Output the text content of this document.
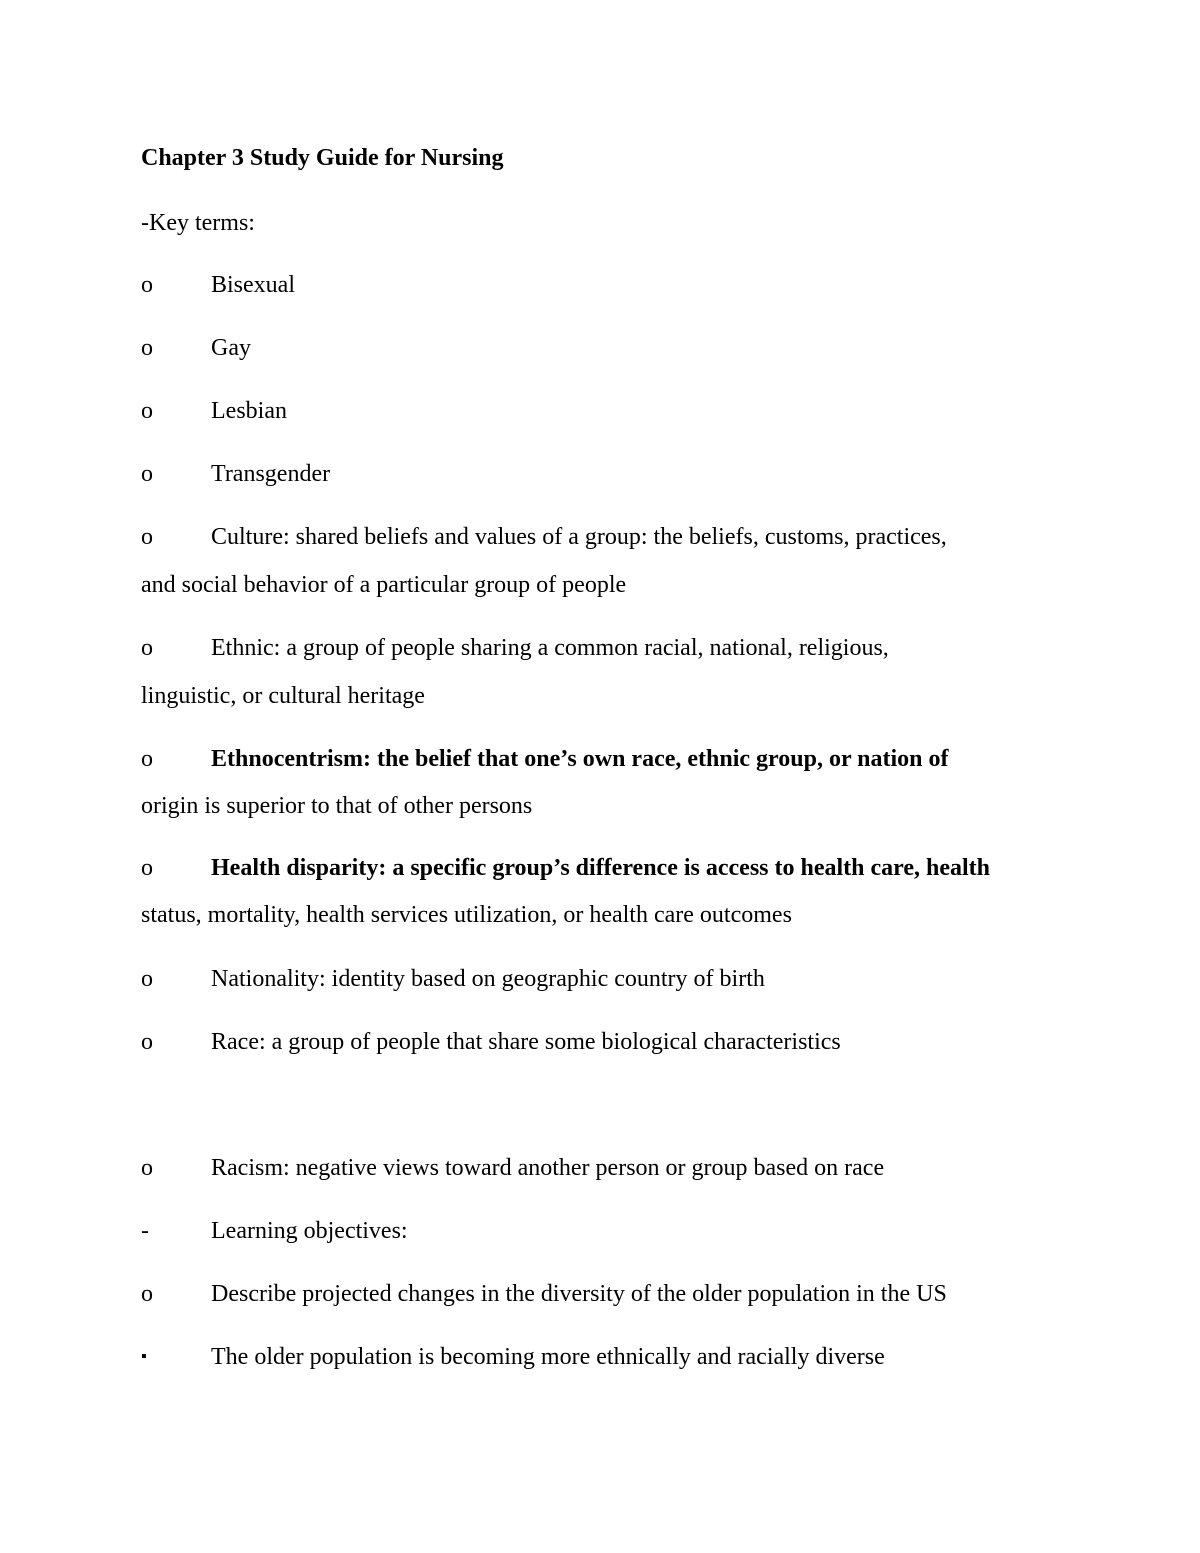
Chapter 3 Study Guide for Nursing
-Key terms:
o	Bisexual
o	Gay
o	Lesbian
o	Transgender
o	Culture: shared beliefs and values of a group: the beliefs, customs, practices,
and social behavior of a particular group of people
o	Ethnic: a group of people sharing a common racial, national, religious,
linguistic, or cultural heritage
o	Ethnocentrism: the belief that one’s own race, ethnic group, or nation of
origin is superior to that of other persons
o	Health disparity: a specific group’s difference is access to health care, health
status, mortality, health services utilization, or health care outcomes
o	Nationality: identity based on geographic country of birth
o	Race: a group of people that share some biological characteristics
o	Racism: negative views toward another person or group based on race
-	Learning objectives:
o	Describe projected changes in the diversity of the older population in the US
▪	The older population is becoming more ethnically and racially diverse
